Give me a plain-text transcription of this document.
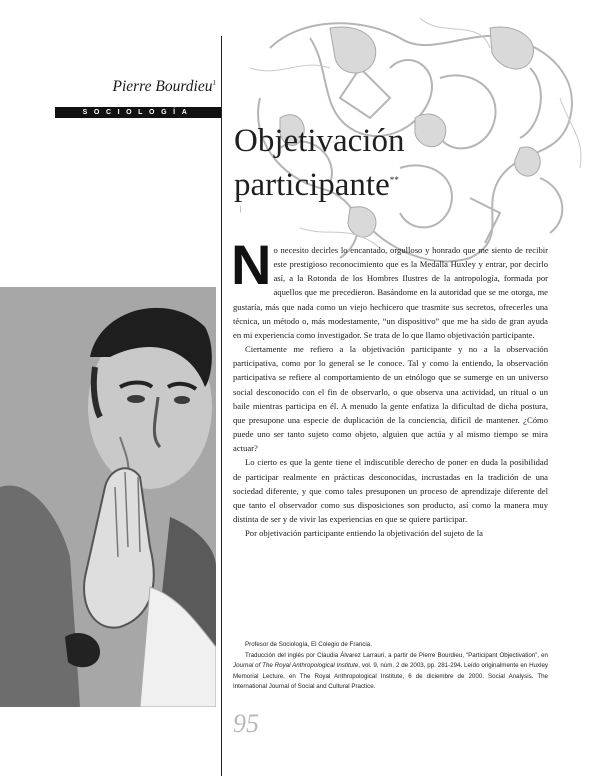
Pierre Bourdieu$^1$
SOCIOLOGÍA
Objetivación
participante**
|

No necesito decirles lo encantado, orgulloso y honrado que me siento de recibir este prestigioso reconocimiento que es la Medalla Huxley y entrar, por decirlo así, a la Rotonda de los Hombres Ilustres de la antropología, formada por aquellos que me precedieron. Basándome en la autoridad que se me otorga, me gustaría, más que nada como un viejo hechicero que trasmite sus secretos, ofrecerles una técnica, un método o, más modestamente, “un dispositivo” que me ha sido de gran ayuda en mi experiencia como investigador. Se trata de lo que llamo objetivación participante.

Ciertamente me refiero a la objetivación participante y no a la observación participativa, como por lo general se le conoce. Tal y como la entiendo, la observación participativa se refiere al comportamiento de un etnólogo que se sumerge en un universo social desconocido con el fin de observarlo, o que observa una actividad, un ritual o un baile mientras participa en él. A menudo la gente enfatiza la dificultad de dicha postura, que presupone una especie de duplicación de la conciencia, difícil de mantener. ¿Cómo puede uno ser tanto sujeto como objeto, alguien que actúa y al mismo tiempo se mira actuar?

Lo cierto es que la gente tiene el indiscutible derecho de poner en duda la posibilidad de participar realmente en prácticas desconocidas, incrustadas en la tradición de una sociedad diferente, y que como tales presuponen un proceso de aprendizaje diferente del que tanto el observador como sus disposiciones son producto, así como la manera muy distinta de ser y de vivir las experiencias en que se quiere participar.

Por objetivación participante entiendo la objetivación del sujeto de la

Profesor de Sociología, El Colegio de Francia.

Traducción del inglés por Claudia Álvarez Larrauri, a partir de Pierre Bourdieu, “Participant Objectivation”, en Journal of The Royal Anthropological Institute, vol. 9, núm. 2 de 2003, pp. 281-294. Leído originalmente en Huxley Memorial Lecture, en The Royal Anthropological Institute, 6 de diciembre de 2000. Social Analysis. The International Journal of Social and Cultural Practice.

95
